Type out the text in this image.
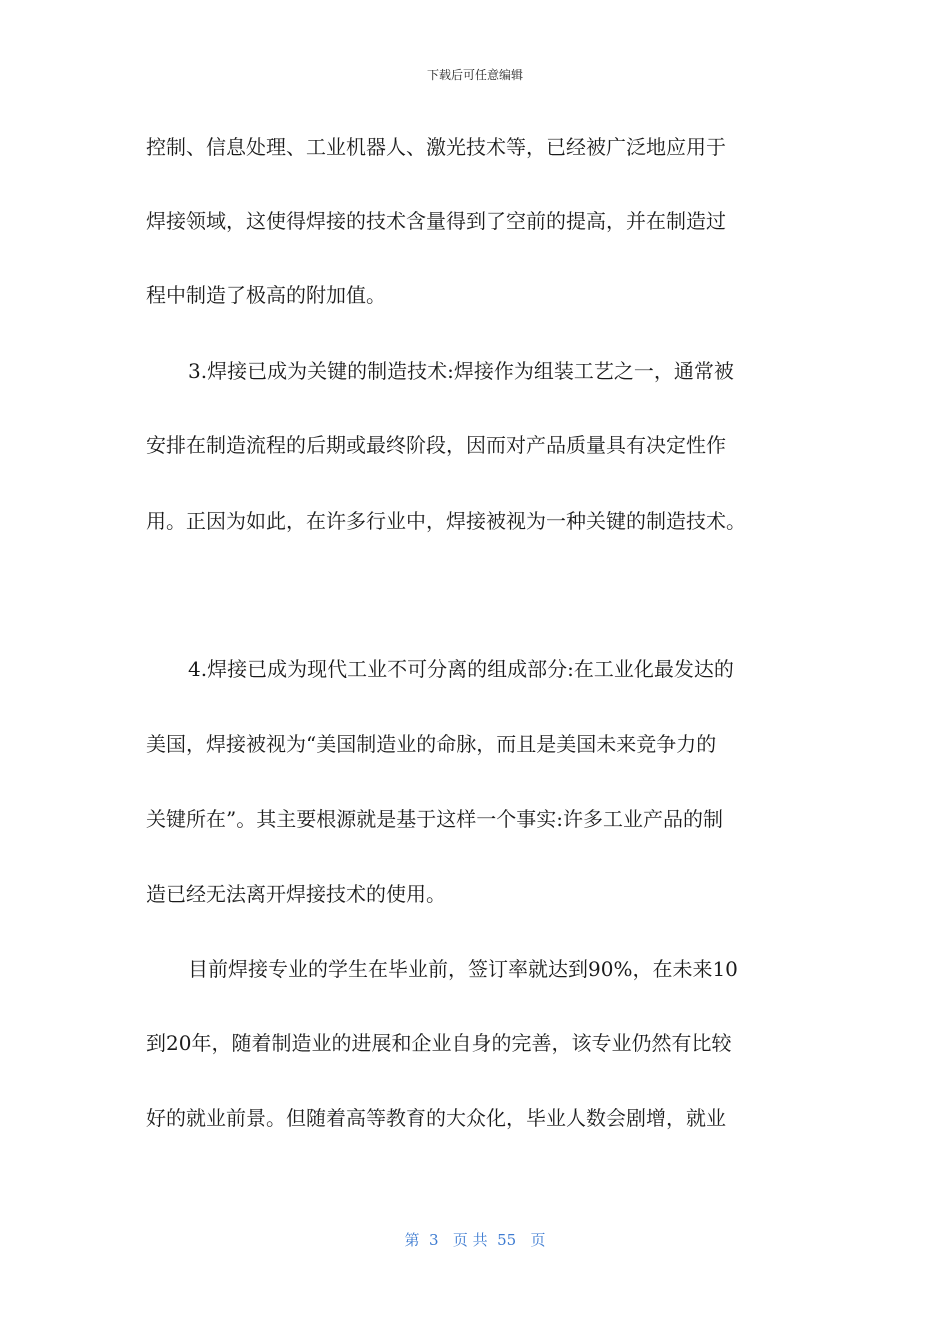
下载后可任意编辑
控制、信息处理、工业机器人、激光技术等，已经被广泛地应用于
焊接领域，这使得焊接的技术含量得到了空前的提高，并在制造过
程中制造了极高的附加值。
3.焊接已成为关键的制造技术:焊接作为组装工艺之一，通常被
安排在制造流程的后期或最终阶段，因而对产品质量具有决定性作
用。正因为如此，在许多行业中，焊接被视为一种关键的制造技术。
4.焊接已成为现代工业不可分离的组成部分:在工业化最发达的
美国，焊接被视为“美国制造业的命脉，而且是美国未来竞争力的
关键所在”。其主要根源就是基于这样一个事实:许多工业产品的制
造已经无法离开焊接技术的使用。
目前焊接专业的学生在毕业前，签订率就达到90%，在未来10
到20年，随着制造业的进展和企业自身的完善，该专业仍然有比较
好的就业前景。但随着高等教育的大众化，毕业人数会剧增，就业
第  3   页 共  55   页
